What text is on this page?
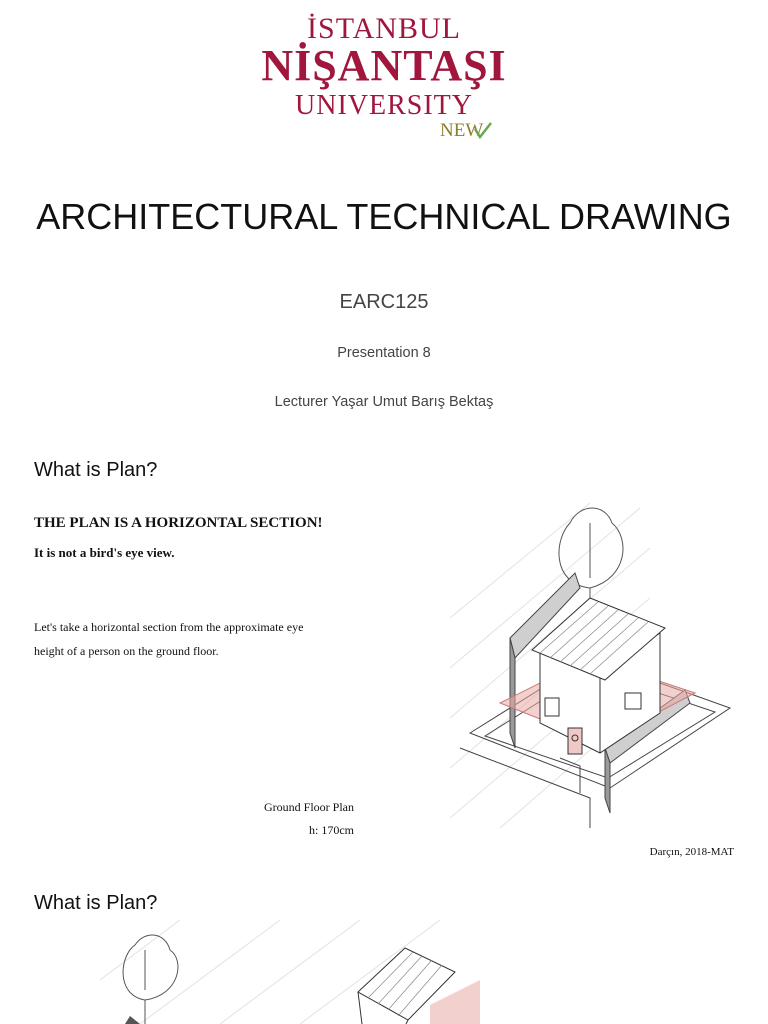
İSTANBUL
NİŞANTAŞI
UNIVERSITY
NEW
ARCHITECTURAL TECHNICAL DRAWING
EARC125
Presentation 8
Lecturer Yaşar Umut Barış Bektaş
What is Plan?
THE PLAN IS A HORIZONTAL SECTION!
It is not a bird's eye view.
Let's take a horizontal section from the approximate eye height of a person on the ground floor.
Ground Floor Plan
h: 170cm
Darçın, 2018-MAT
What is Plan?
